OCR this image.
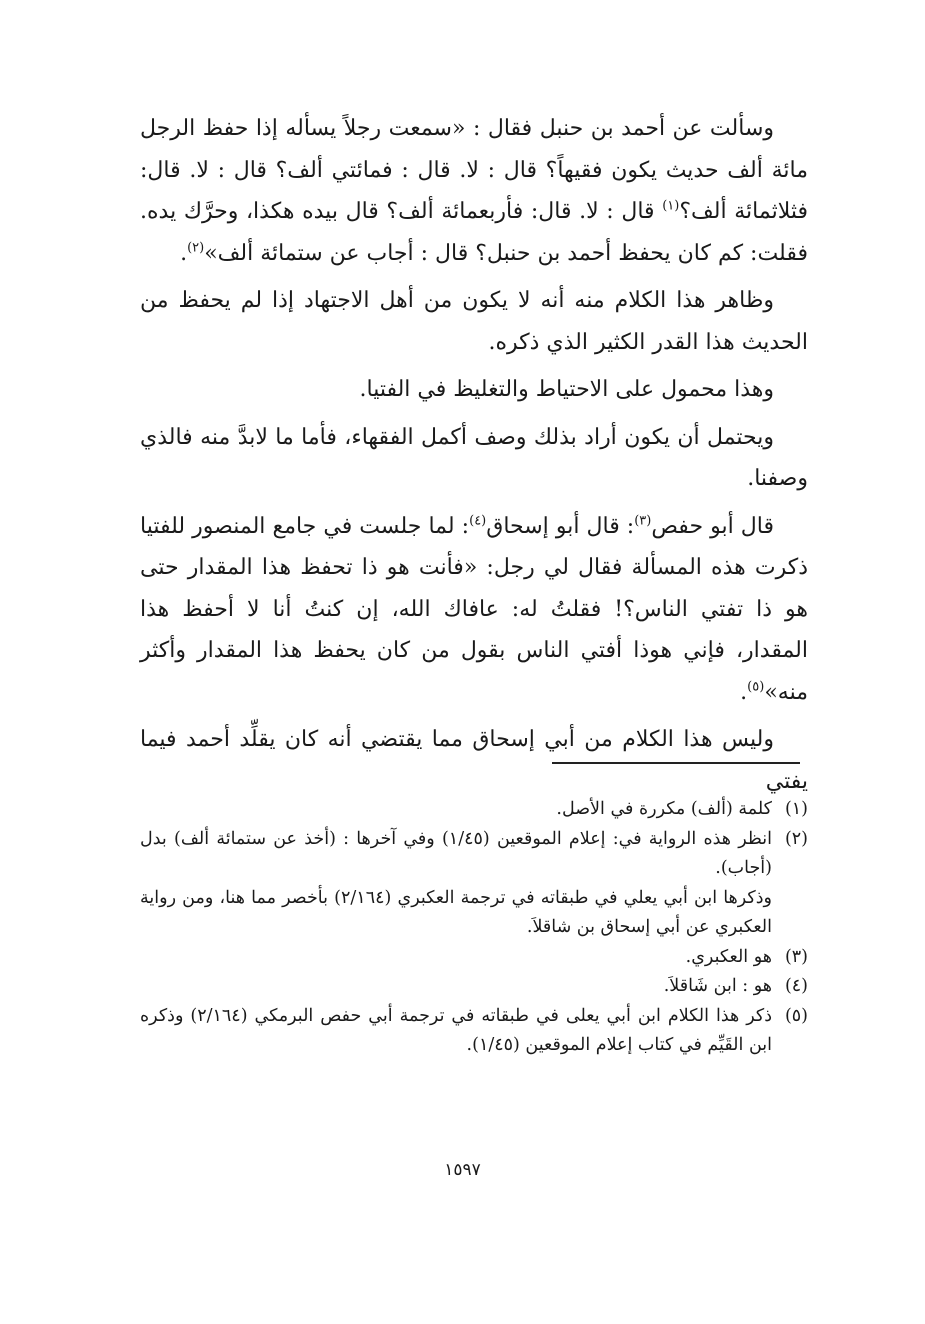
وسألت عن أحمد بن حنبل فقال : «سمعت رجلاً يسأله إذا حفظ الرجل مائة ألف حديث يكون فقيهاً؟ قال : لا. قال : فمائتي ألف؟ قال : لا. قال: فثلاثمائة ألف؟$^{(١)}$ قال : لا. قال: فأربعمائة ألف؟ قال بيده هكذا، وحرَّك يده. فقلت: كم كان يحفظ أحمد بن حنبل؟ قال : أجاب عن ستمائة ألف»$^{(٢)}$.

وظاهر هذا الكلام منه أنه لا يكون من أهل الاجتهاد إذا لم يحفظ من الحديث هذا القدر الكثير الذي ذكره.

وهذا محمول على الاحتياط والتغليظ في الفتيا.

ويحتمل أن يكون أراد بذلك وصف أكمل الفقهاء، فأما ما لابدَّ منه فالذي وصفنا.

قال أبو حفص$^{(٣)}$: قال أبو إسحاق$^{(٤)}$: لما جلست في جامع المنصور للفتيا ذكرت هذه المسألة فقال لي رجل: «فأنت هو ذا تحفظ هذا المقدار حتى هو ذا تفتي الناس؟! فقلتُ له: عافاك الله، إن كنتُ أنا لا أحفظ هذا المقدار، فإني هوذا أفتي الناس بقول من كان يحفظ هذا المقدار وأكثر منه»$^{(٥)}$.

وليس هذا الكلام من أبي إسحاق مما يقتضي أنه كان يقلِّد أحمد فيما يفتي

(١)
كلمة (ألف) مكررة في الأصل.
(٢)
انظر هذه الرواية في: إعلام الموقعين (١/٤٥) وفي آخرها : (أخذ عن ستمائة ألف) بدل (أجاب).
وذكرها ابن أبي يعلي في طبقاته في ترجمة العكبري (٢/١٦٤) بأخصر مما هنا، ومن رواية العكبري عن أبي إسحاق بن شاقلاَ.
(٣)
هو العكبري.
(٤)
هو : ابن شَاقلاَ.
(٥)
ذكر هذا الكلام ابن أبي يعلى في طبقاته في ترجمة أبي حفص البرمكي (٢/١٦٤) وذكره ابن القَيِّم في كتاب إعلام الموقعين (١/٤٥).
١٥٩٧
